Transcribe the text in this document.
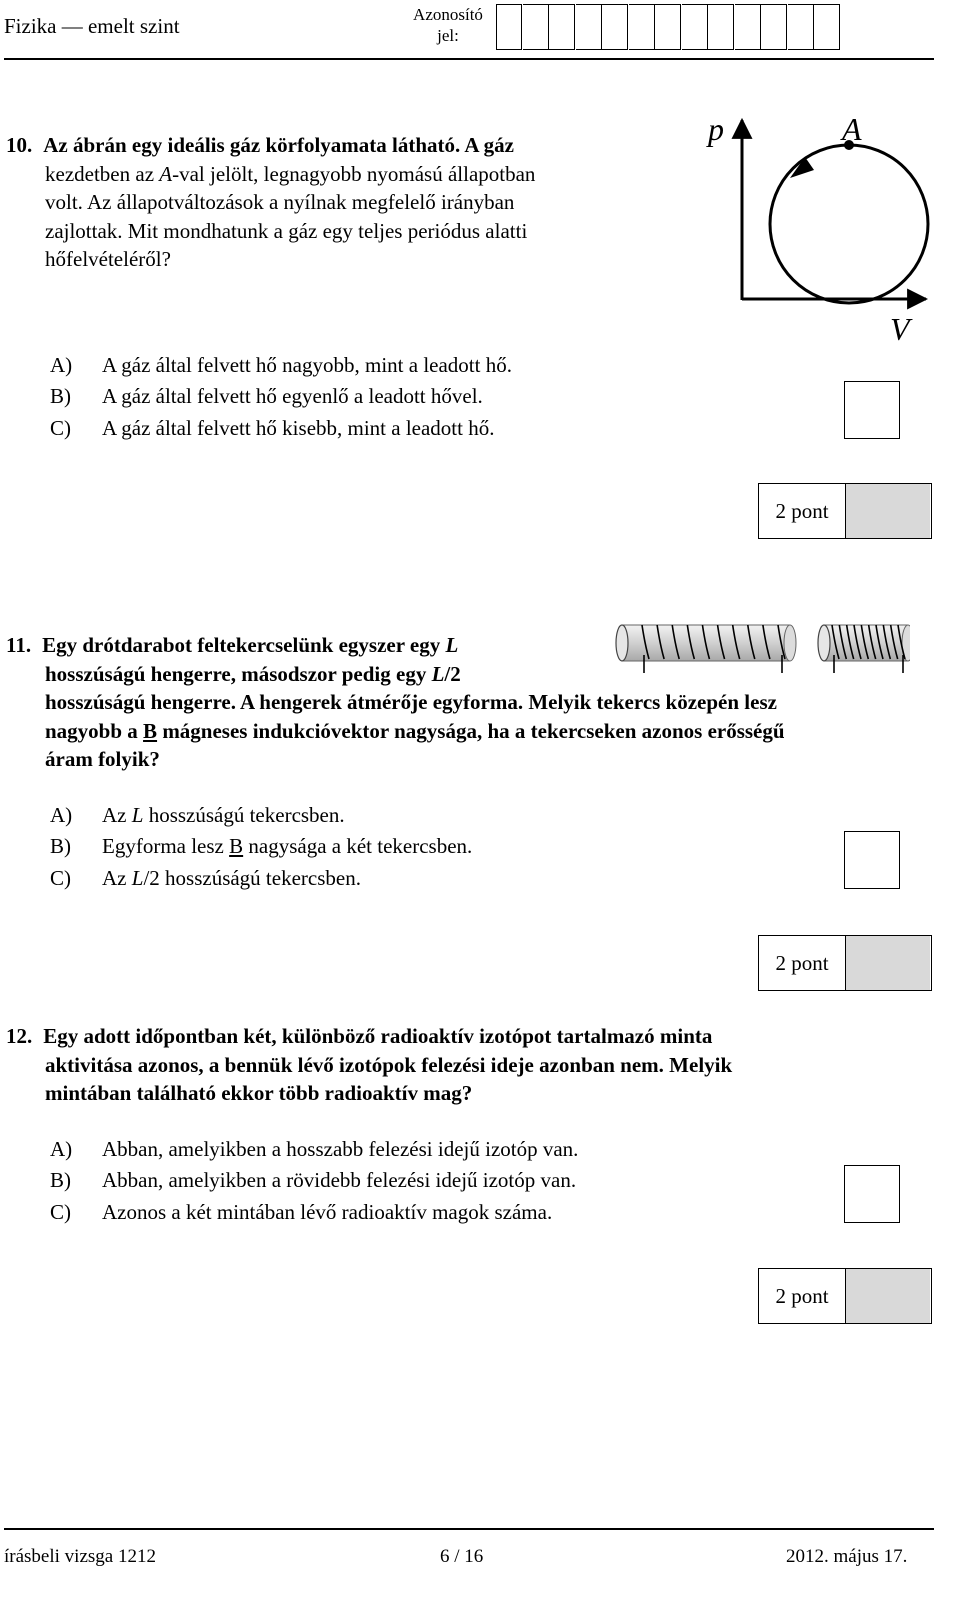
Fizika — emelt szint	Azonosító
jel:
10. Az ábrán egy ideális gáz körfolyamata látható. A gáz
kezdetben az A-val jelölt, legnagyobb nyomású állapotban
volt. Az állapotváltozások a nyílnak megfelelő irányban
zajlottak. Mit mondhatunk a gáz egy teljes periódus alatti
hőfelvételéről?
p	A
V
A)	A gáz által felvett hő nagyobb, mint a leadott hő.
B)	A gáz által felvett hő egyenlő a leadott hővel.
C)	A gáz által felvett hő kisebb, mint a leadott hő.
2 pont
11. Egy drótdarabot feltekercselünk egyszer egy L
hosszúságú hengerre, másodszor pedig egy L/2
hosszúságú hengerre. A hengerek átmérője egyforma. Melyik tekercs közepén lesz
nagyobb a B mágneses indukcióvektor nagysága, ha a tekercseken azonos erősségű
áram folyik?
A)	Az L hosszúságú tekercsben.
B)	Egyforma lesz B nagysága a két tekercsben.
C)	Az L/2 hosszúságú tekercsben.
2 pont
12. Egy adott időpontban két, különböző radioaktív izotópot tartalmazó minta
aktivitása azonos, a bennük lévő izotópok felezési ideje azonban nem. Melyik
mintában található ekkor több radioaktív mag?
A)	Abban, amelyikben a hosszabb felezési idejű izotóp van.
B)	Abban, amelyikben a rövidebb felezési idejű izotóp van.
C)	Azonos a két mintában lévő radioaktív magok száma.
2 pont
írásbeli vizsga 1212	6 / 16	2012. május 17.
